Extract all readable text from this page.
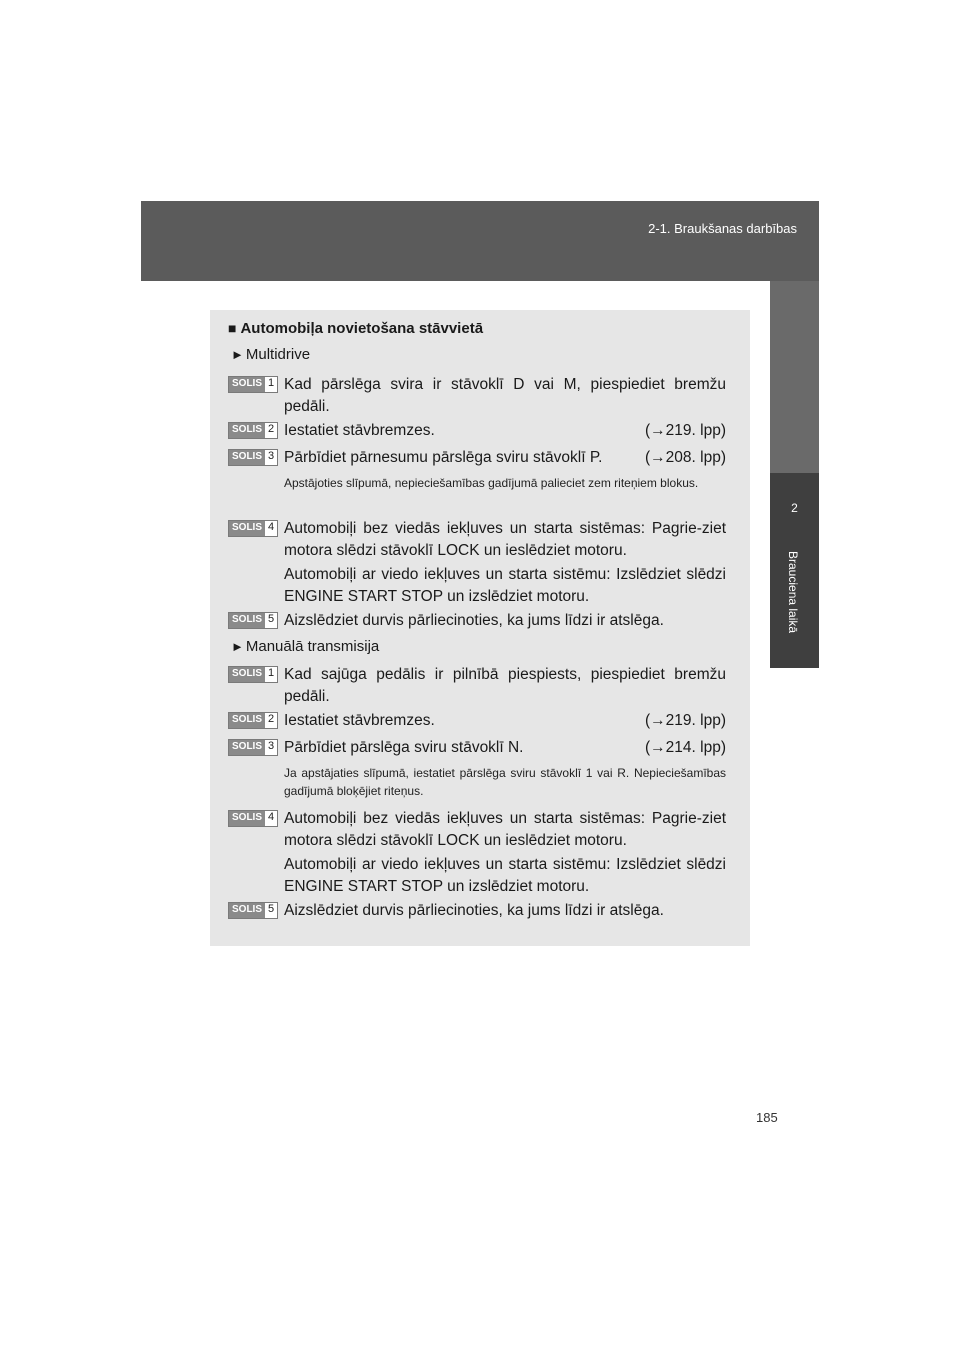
2-1. Braukšanas darbības
2
Brauciena laikā
■ Automobiļa novietošana stāvvietā
► Multidrive
SOLIS 1 Kad pārslēga svira ir stāvoklī D vai M, piespiediet bremžu pedāli.
SOLIS 2 Iestatiet stāvbremzes.	(→219. lpp)
SOLIS 3 Pārbīdiet pārnesumu pārslēga sviru stāvoklī P.	(→208. lpp)
Apstājoties slīpumā, nepieciešamības gadījumā palieciet zem riteņiem blokus.
SOLIS 4 Automobiļi bez viedās iekļuves un starta sistēmas: Pagrie-ziet motora slēdzi stāvoklī LOCK un ieslēdziet motoru.
Automobiļi ar viedo iekļuves un starta sistēmu: Izslēdziet slēdzi ENGINE START STOP un izslēdziet motoru.
SOLIS 5 Aizslēdziet durvis pārliecinoties, ka jums līdzi ir atslēga.
► Manuālā transmisija
SOLIS 1 Kad sajūga pedālis ir pilnībā piespiests, piespiediet bremžu pedāli.
SOLIS 2 Iestatiet stāvbremzes.	(→219. lpp)
SOLIS 3 Pārbīdiet pārslēga sviru stāvoklī N.	(→214. lpp)
Ja apstājaties slīpumā, iestatiet pārslēga sviru stāvoklī 1 vai R. Nepieciešamības gadījumā bloķējiet riteņus.
SOLIS 4 Automobiļi bez viedās iekļuves un starta sistēmas: Pagrie-ziet motora slēdzi stāvoklī LOCK un ieslēdziet motoru.
Automobiļi ar viedo iekļuves un starta sistēmu: Izslēdziet slēdzi ENGINE START STOP un izslēdziet motoru.
SOLIS 5 Aizslēdziet durvis pārliecinoties, ka jums līdzi ir atslēga.
185
